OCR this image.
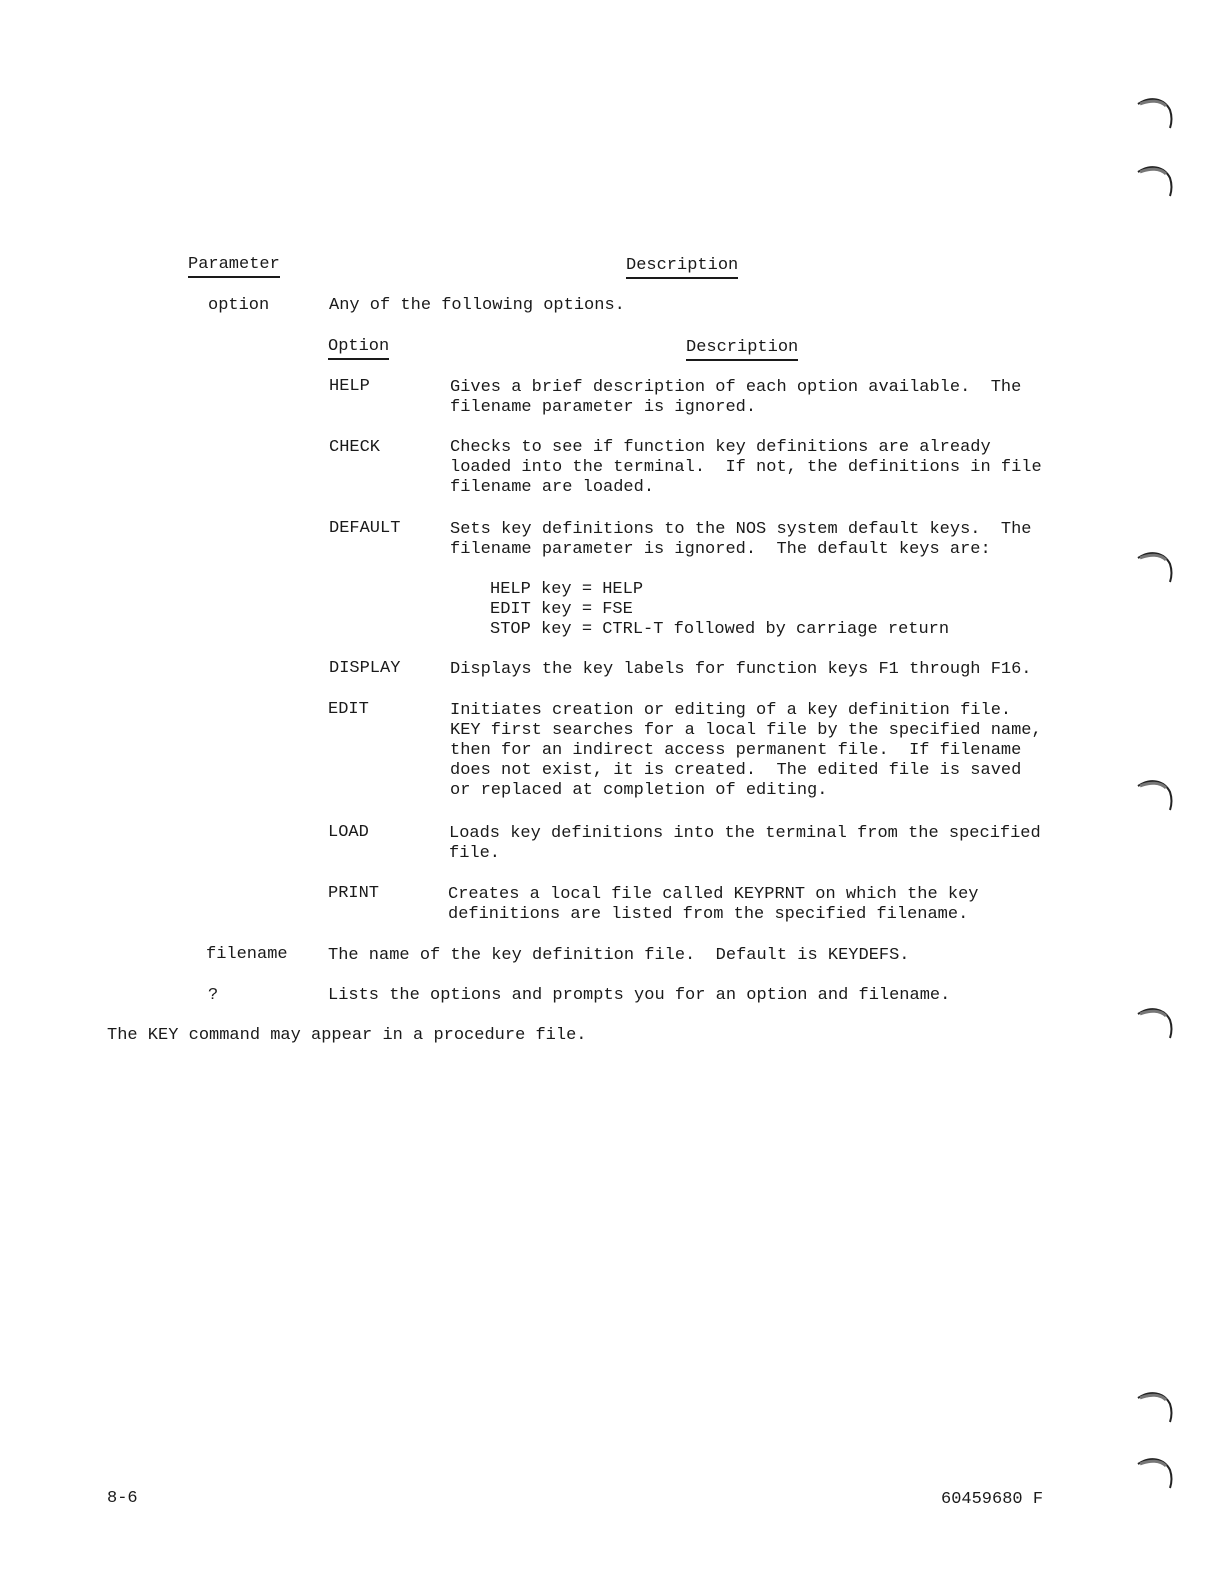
Parameter	Description
option	Any of the following options.
Option	Description
HELP	Gives a brief description of each option available.  The
filename parameter is ignored.
CHECK	Checks to see if function key definitions are already
loaded into the terminal.  If not, the definitions in file
filename are loaded.
DEFAULT	Sets key definitions to the NOS system default keys.  The
filename parameter is ignored.  The default keys are:
HELP key = HELP
EDIT key = FSE
STOP key = CTRL-T followed by carriage return
DISPLAY	Displays the key labels for function keys F1 through F16.
EDIT	Initiates creation or editing of a key definition file.
KEY first searches for a local file by the specified name,
then for an indirect access permanent file.  If filename
does not exist, it is created.  The edited file is saved
or replaced at completion of editing.
LOAD	Loads key definitions into the terminal from the specified
file.
PRINT	Creates a local file called KEYPRNT on which the key
definitions are listed from the specified filename.
filename The name of the key definition file.  Default is KEYDEFS.
?	Lists the options and prompts you for an option and filename.
The KEY command may appear in a procedure file.
8-6	60459680 F
